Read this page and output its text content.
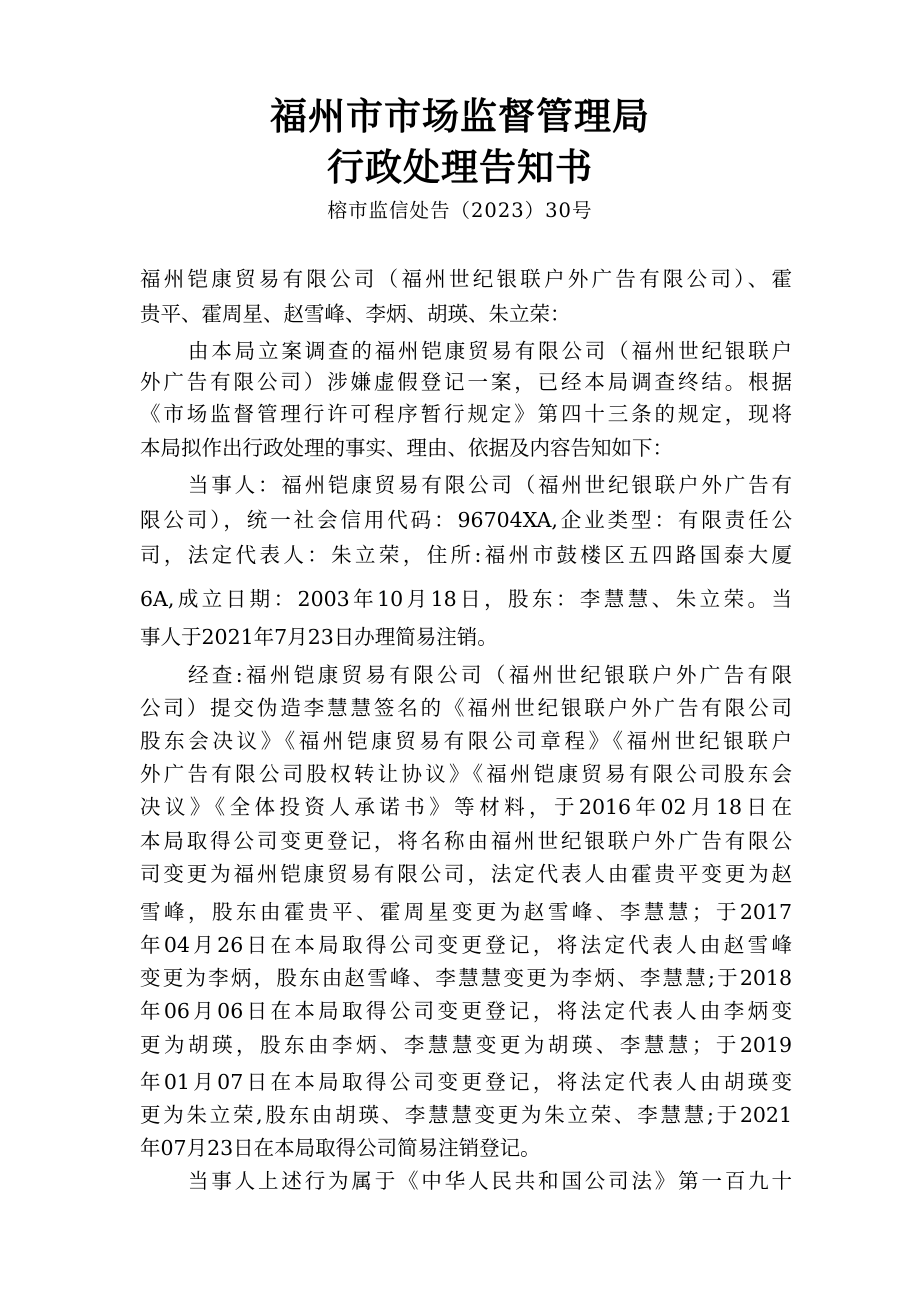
福州市市场监督管理局
行政处理告知书
榕市监信处告（2023）30号
福州铠康贸易有限公司（福州世纪银联户外广告有限公司）、霍
贵平、霍周星、赵雪峰、李炳、胡瑛、朱立荣：
由本局立案调查的福州铠康贸易有限公司（福州世纪银联户
外广告有限公司）涉嫌虚假登记一案，已经本局调查终结。根据
《市场监督管理行许可程序暂行规定》第四十三条的规定，现将
本局拟作出行政处理的事实、理由、依据及内容告知如下：
当事人：福州铠康贸易有限公司（福州世纪银联户外广告有
限公司），统一社会信用代码：96704XA,企业类型：有限责任公
司，法定代表人：朱立荣，住所:福州市鼓楼区五四路国泰大厦
6A,成立日期：2003年10月18日，股东：李慧慧、朱立荣。当
事人于2021年7月23日办理简易注销。
经查:福州铠康贸易有限公司（福州世纪银联户外广告有限
公司）提交伪造李慧慧签名的《福州世纪银联户外广告有限公司
股东会决议》《福州铠康贸易有限公司章程》《福州世纪银联户
外广告有限公司股权转让协议》《福州铠康贸易有限公司股东会
决议》《全体投资人承诺书》等材料，于2016年02月18日在
本局取得公司变更登记，将名称由福州世纪银联户外广告有限公
司变更为福州铠康贸易有限公司，法定代表人由霍贵平变更为赵
雪峰，股东由霍贵平、霍周星变更为赵雪峰、李慧慧；于2017
年04月26日在本局取得公司变更登记，将法定代表人由赵雪峰
变更为李炳，股东由赵雪峰、李慧慧变更为李炳、李慧慧;于2018
年06月06日在本局取得公司变更登记，将法定代表人由李炳变
更为胡瑛，股东由李炳、李慧慧变更为胡瑛、李慧慧；于2019
年01月07日在本局取得公司变更登记，将法定代表人由胡瑛变
更为朱立荣,股东由胡瑛、李慧慧变更为朱立荣、李慧慧;于2021
年07月23日在本局取得公司简易注销登记。
当事人上述行为属于《中华人民共和国公司法》第一百九十
